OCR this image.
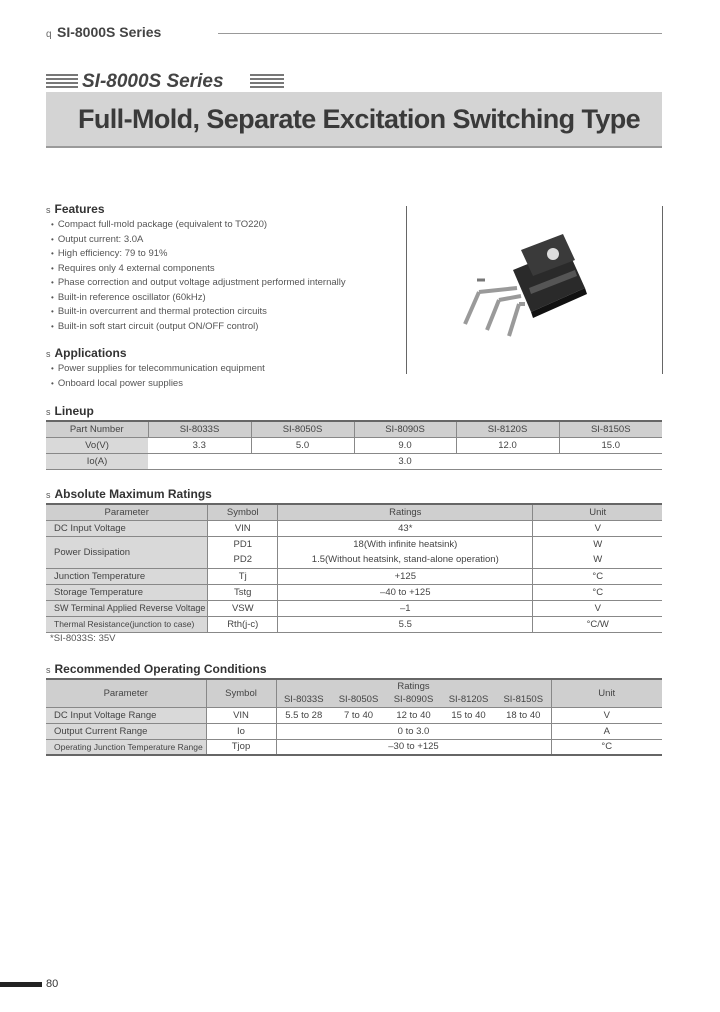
q SI-8000S Series
SI-8000S Series
Full-Mold, Separate Excitation Switching Type
s Features
• Compact full-mold package (equivalent to TO220)
• Output current: 3.0A
• High efficiency: 79 to 91%
• Requires only 4 external components
• Phase correction and output voltage adjustment performed internally
• Built-in reference oscillator (60kHz)
• Built-in overcurrent and thermal protection circuits
• Built-in soft start circuit (output ON/OFF control)
s Applications
• Power supplies for telecommunication equipment
• Onboard local power supplies
s Lineup
Part Number	SI-8033S	SI-8050S	SI-8090S	SI-8120S	SI-8150S
Vo(V)	3.3	5.0	9.0	12.0	15.0
Io(A)	3.0				
s Absolute Maximum Ratings
Parameter	Symbol	Ratings	Unit
DC Input Voltage	VIN	43*	V
Power Dissipation	PD1	18(With infinite heatsink)	W
	PD2	1.5(Without heatsink, stand-alone operation)	W
Junction Temperature	Tj	+125	°C
Storage Temperature	Tstg	–40 to +125	°C
SW Terminal Applied Reverse Voltage	VSW	–1	V
Thermal Resistance(junction to case)	Rth(j-c)	5.5	°C/W
*SI-8033S: 35V
s Recommended Operating Conditions
Parameter	Symbol	Ratings					Unit
		SI-8033S	SI-8050S	SI-8090S	SI-8120S	SI-8150S	
DC Input Voltage Range	VIN	5.5 to 28	7 to 40	12 to 40	15 to 40	18 to 40	V
Output Current Range	Io	0 to 3.0					A
Operating Junction Temperature Range	Tjop	–30 to +125					°C
80
